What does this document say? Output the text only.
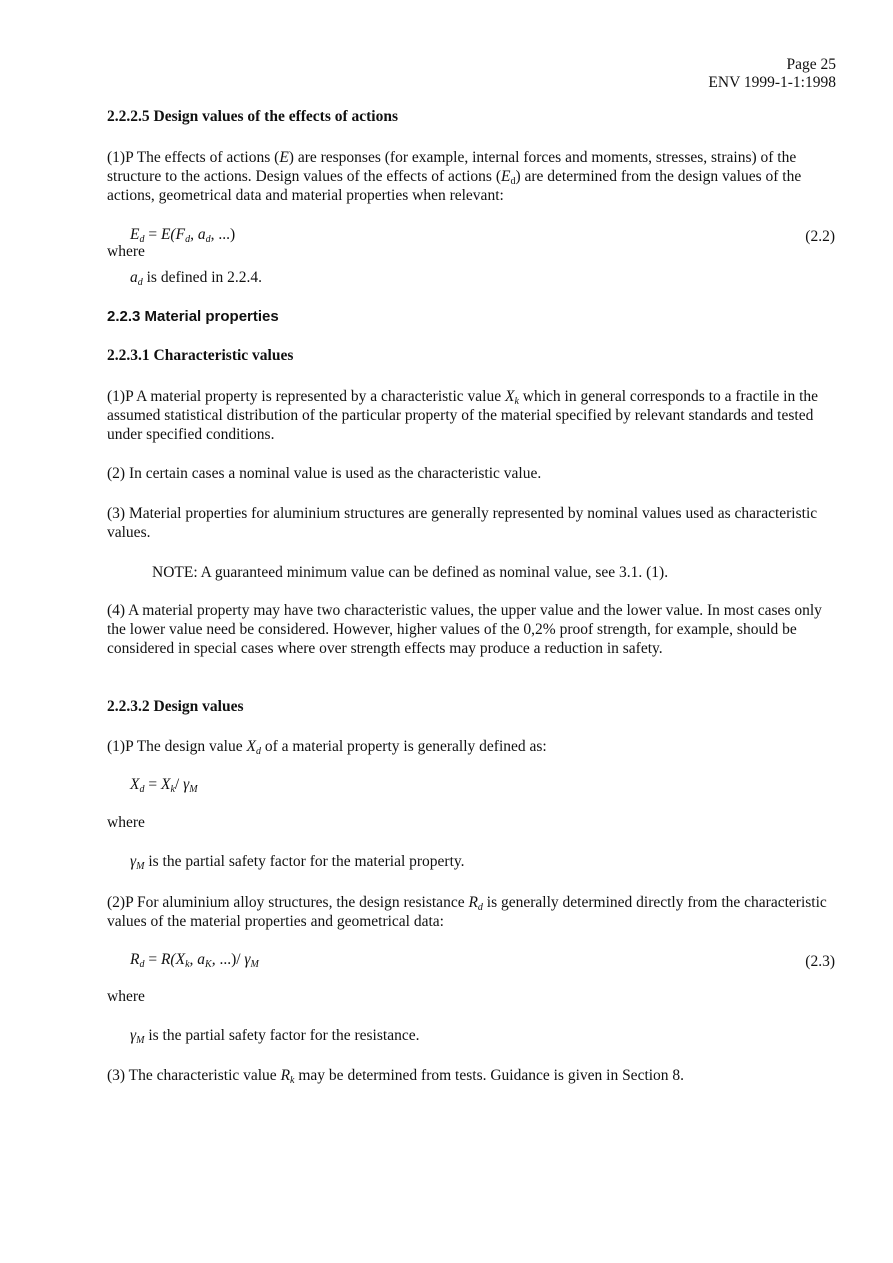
Page 25
ENV 1999-1-1:1998
2.2.2.5 Design values of the effects of actions
(1)P The effects of actions (E) are responses (for example, internal forces and moments, stresses, strains) of the structure to the actions. Design values of the effects of actions $(E_d)$ are determined from the design values of the actions, geometrical data and material properties when relevant:
$E_d = E(F_d$, $a_d$, ...)	(2.2)
where
$a_d$ is defined in 2.2.4.
2.2.3 Material properties
2.2.3.1 Characteristic values
(1)P A material property is represented by a characteristic value $X_k$ which in general corresponds to a fractile in the assumed statistical distribution of the particular property of the material specified by relevant standards and tested under specified conditions.
(2) In certain cases a nominal value is used as the characteristic value.
(3) Material properties for aluminium structures are generally represented by nominal values used as characteristic values.
NOTE: A guaranteed minimum value can be defined as nominal value, see 3.1. (1).
(4) A material property may have two characteristic values, the upper value and the lower value. In most cases only the lower value need be considered. However, higher values of the 0,2% proof strength, for example, should be considered in special cases where over strength effects may produce a reduction in safety.
2.2.3.2 Design values
(1)P The design value $X_d$ of a material property is generally defined as:
$X_d = X_k/$ $\gamma_M$
where
$\gamma_M$ is the partial safety factor for the material property.
(2)P For aluminium alloy structures, the design resistance $R_d$ is generally determined directly from the characteristic values of the material properties and geometrical data:
$R_d = R(X_k$, $a_K$, ...)/ $\gamma_M$	(2.3)
where
$\gamma_M$ is the partial safety factor for the resistance.
(3) The characteristic value $R_k$ may be determined from tests. Guidance is given in Section 8.
